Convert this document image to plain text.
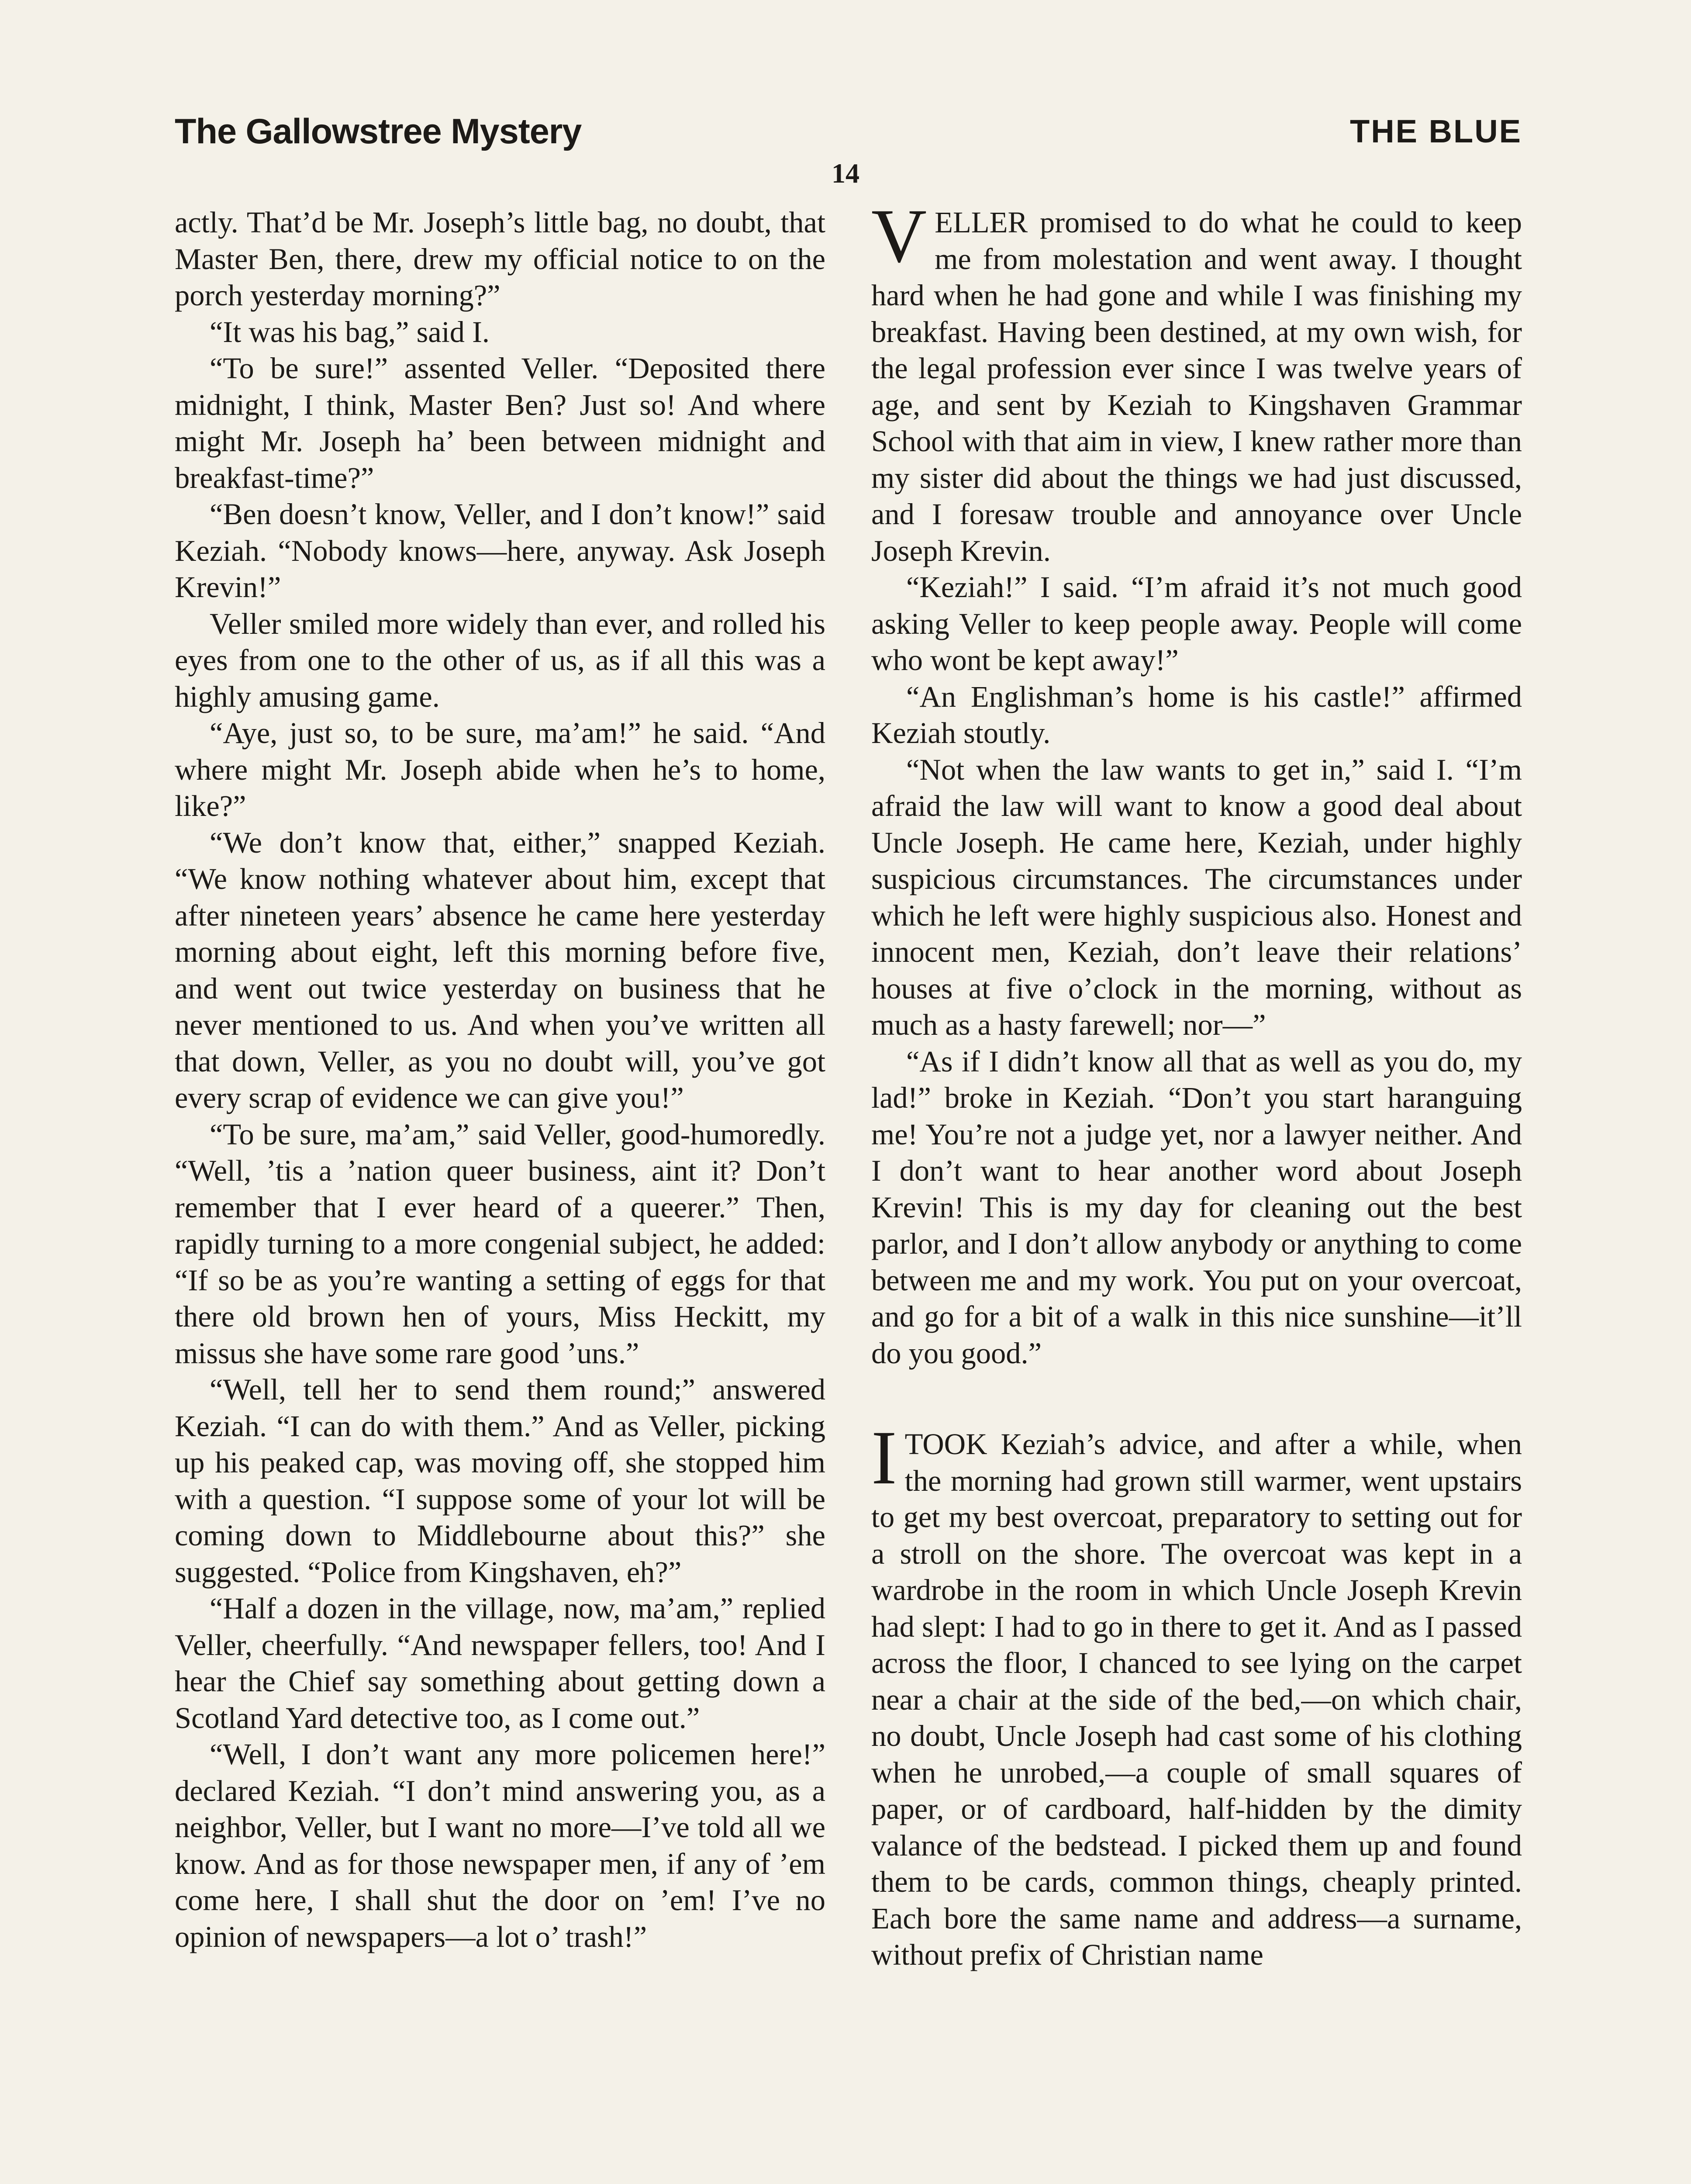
The Gallowstree Mystery	THE BLUE
14

actly. That’d be Mr. Joseph’s little bag, no doubt, that Master Ben, there, drew my official notice to on the porch yesterday morning?”

“It was his bag,” said I.

“To be sure!” assented Veller. “Deposited there midnight, I think, Master Ben? Just so! And where might Mr. Joseph ha’ been between midnight and breakfast-time?”

“Ben doesn’t know, Veller, and I don’t know!” said Keziah. “Nobody knows—here, anyway. Ask Joseph Krevin!”

Veller smiled more widely than ever, and rolled his eyes from one to the other of us, as if all this was a highly amusing game.

“Aye, just so, to be sure, ma’am!” he said. “And where might Mr. Joseph abide when he’s to home, like?”

“We don’t know that, either,” snapped Keziah. “We know nothing whatever about him, except that after nineteen years’ absence he came here yesterday morning about eight, left this morning before five, and went out twice yesterday on business that he never mentioned to us. And when you’ve written all that down, Veller, as you no doubt will, you’ve got every scrap of evidence we can give you!”

“To be sure, ma’am,” said Veller, good-humoredly. “Well, ’tis a ’nation queer business, aint it? Don’t remember that I ever heard of a queerer.” Then, rapidly turning to a more congenial subject, he added: “If so be as you’re wanting a setting of eggs for that there old brown hen of yours, Miss Heckitt, my missus she have some rare good ’uns.”

“Well, tell her to send them round;” answered Keziah. “I can do with them.” And as Veller, picking up his peaked cap, was moving off, she stopped him with a question. “I suppose some of your lot will be coming down to Middlebourne about this?” she suggested. “Police from Kingshaven, eh?”

“Half a dozen in the village, now, ma’am,” replied Veller, cheerfully. “And newspaper fellers, too! And I hear the Chief say something about getting down a Scotland Yard detective too, as I come out.”

“Well, I don’t want any more policemen here!” declared Keziah. “I don’t mind answering you, as a neighbor, Veller, but I want no more—I’ve told all we know. And as for those newspaper men, if any of ’em come here, I shall shut the door on ’em! I’ve no opinion of newspapers—a lot o’ trash!”

VELLER promised to do what he could to keep me from molestation and went away. I thought hard when he had gone and while I was finishing my breakfast. Having been destined, at my own wish, for the legal profession ever since I was twelve years of age, and sent by Keziah to Kingshaven Grammar School with that aim in view, I knew rather more than my sister did about the things we had just discussed, and I foresaw trouble and annoyance over Uncle Joseph Krevin.

“Keziah!” I said. “I’m afraid it’s not much good asking Veller to keep people away. People will come who wont be kept away!”

“An Englishman’s home is his castle!” affirmed Keziah stoutly.

“Not when the law wants to get in,” said I. “I’m afraid the law will want to know a good deal about Uncle Joseph. He came here, Keziah, under highly suspicious circumstances. The circumstances under which he left were highly suspicious also. Honest and innocent men, Keziah, don’t leave their relations’ houses at five o’clock in the morning, without as much as a hasty farewell; nor—”

“As if I didn’t know all that as well as you do, my lad!” broke in Keziah. “Don’t you start haranguing me! You’re not a judge yet, nor a lawyer neither. And I don’t want to hear another word about Joseph Krevin! This is my day for cleaning out the best parlor, and I don’t allow anybody or anything to come between me and my work. You put on your overcoat, and go for a bit of a walk in this nice sunshine—it’ll do you good.”

ITOOK Keziah’s advice, and after a while, when the morning had grown still warmer, went upstairs to get my best overcoat, preparatory to setting out for a stroll on the shore. The overcoat was kept in a wardrobe in the room in which Uncle Joseph Krevin had slept: I had to go in there to get it. And as I passed across the floor, I chanced to see lying on the carpet near a chair at the side of the bed,—on which chair, no doubt, Uncle Joseph had cast some of his clothing when he unrobed,—a couple of small squares of paper, or of cardboard, half-hidden by the dimity valance of the bedstead. I picked them up and found them to be cards, common things, cheaply printed. Each bore the same name and address—a surname, without prefix of Christian name
